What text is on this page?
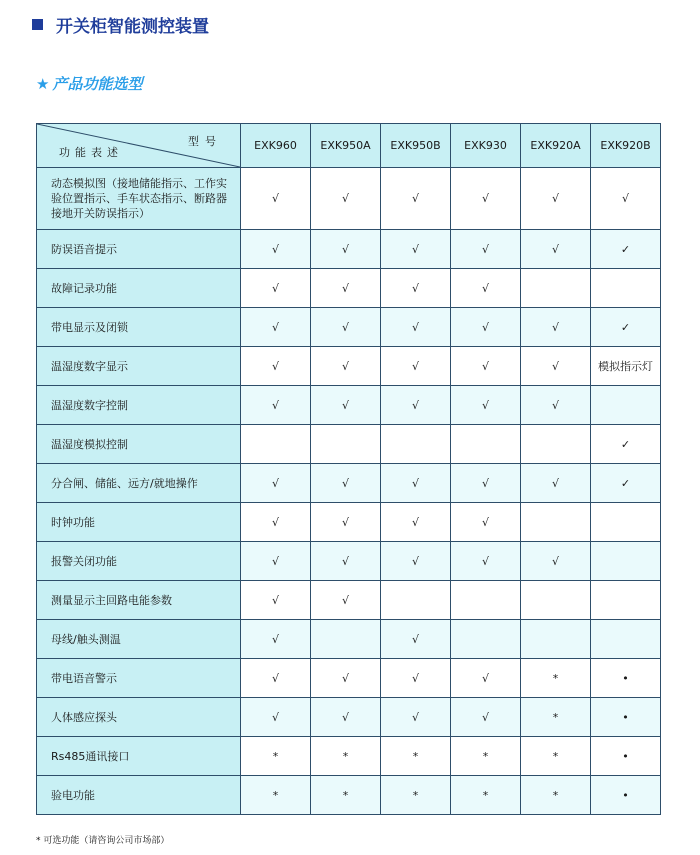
开关柜智能测控装置
★ 产品功能选型
型号
功能表述	EXK960	EXK950A	EXK950B	EXK930	EXK920A	EXK920B
动态模拟图（接地储能指示、工作实验位置指示、手车状态指示、断路器接地开关防误指示）	√	√	√	√	√	√
防误语音提示	√	√	√	√	√	✓
故障记录功能	√	√	√	√		
带电显示及闭锁	√	√	√	√	√	✓
温湿度数字显示	√	√	√	√	√	模拟指示灯
温湿度数字控制	√	√	√	√	√	
温湿度模拟控制						✓
分合闸、储能、远方/就地操作	√	√	√	√	√	✓
时钟功能	√	√	√	√		
报警关闭功能	√	√	√	√	√	
测量显示主回路电能参数	√	√				
母线/触头测温	√		√			
带电语音警示	√	√	√	√	*	•
人体感应探头	√	√	√	√	*	•
Rs485通讯接口	*	*	*	*	*	•
验电功能	*	*	*	*	*	•
* 可选功能（请咨询公司市场部）
